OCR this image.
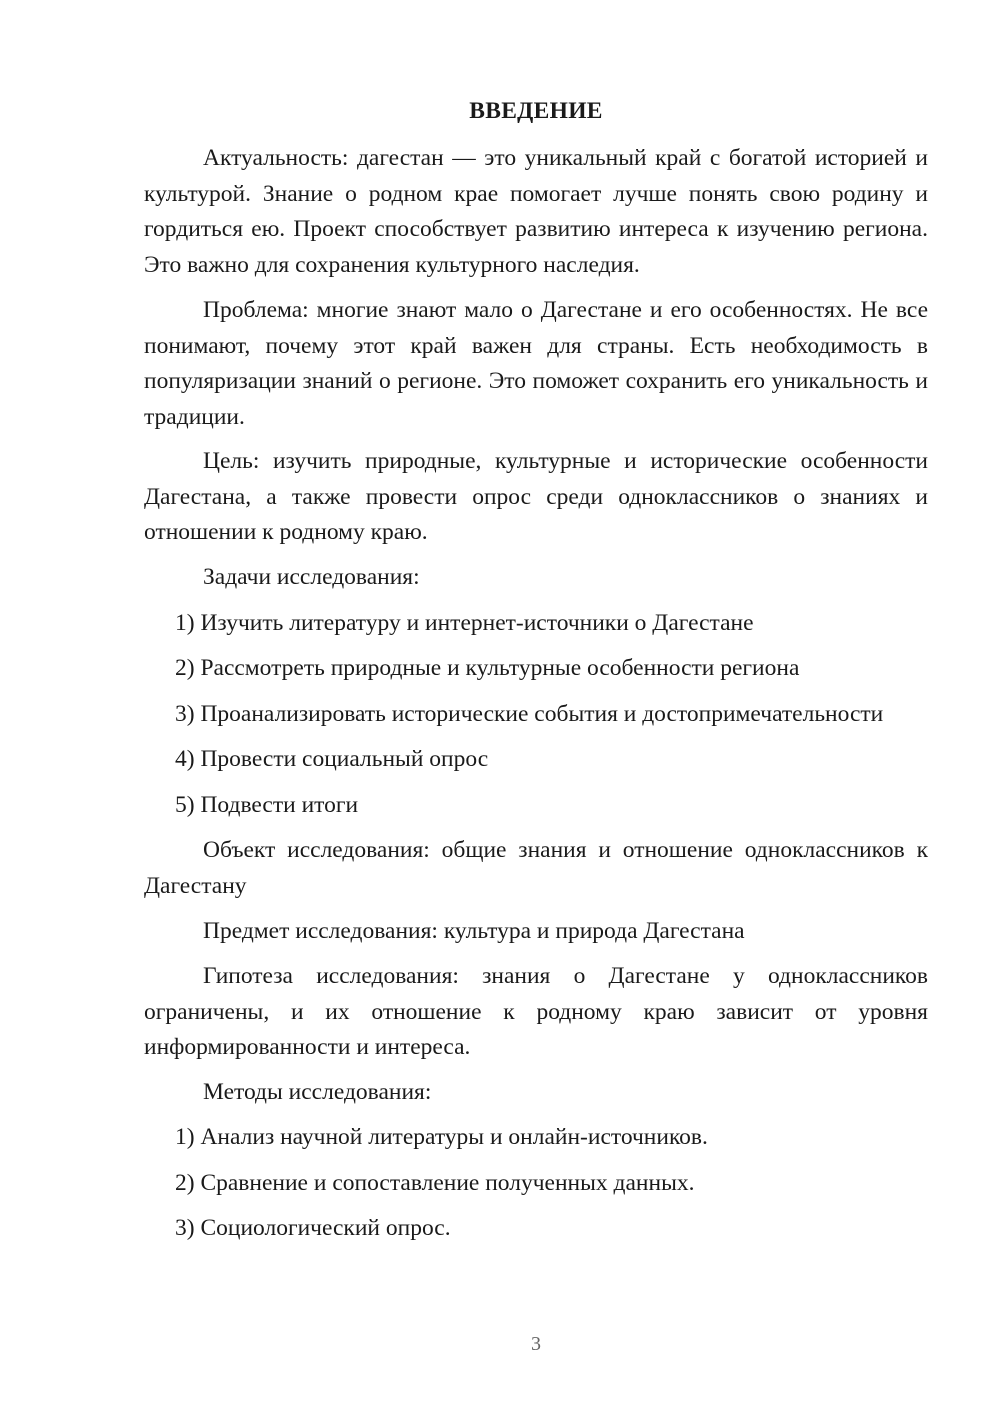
ВВЕДЕНИЕ

Актуальность: дагестан — это уникальный край с богатой историей и культурой. Знание о родном крае помогает лучше понять свою родину и гордиться ею. Проект способствует развитию интереса к изучению региона. Это важно для сохранения культурного наследия.

Проблема: многие знают мало о Дагестане и его особенностях. Не все понимают, почему этот край важен для страны. Есть необходимость в популяризации знаний о регионе. Это поможет сохранить его уникальность и традиции.

Цель: изучить природные, культурные и исторические особенности Дагестана, а также провести опрос среди одноклассников о знаниях и отношении к родному краю.

Задачи исследования:

1) Изучить литературу и интернет-источники о Дагестане

2) Рассмотреть природные и культурные особенности региона

3) Проанализировать исторические события и достопримечательности

4) Провести социальный опрос

5) Подвести итоги

Объект исследования: общие знания и отношение одноклассников к Дагестану

Предмет исследования: культура и природа Дагестана

Гипотеза исследования: знания о Дагестане у одноклассников ограничены, и их отношение к родному краю зависит от уровня информированности и интереса.

Методы исследования:

1) Анализ научной литературы и онлайн-источников.

2) Сравнение и сопоставление полученных данных.

3) Социологический опрос.

3
